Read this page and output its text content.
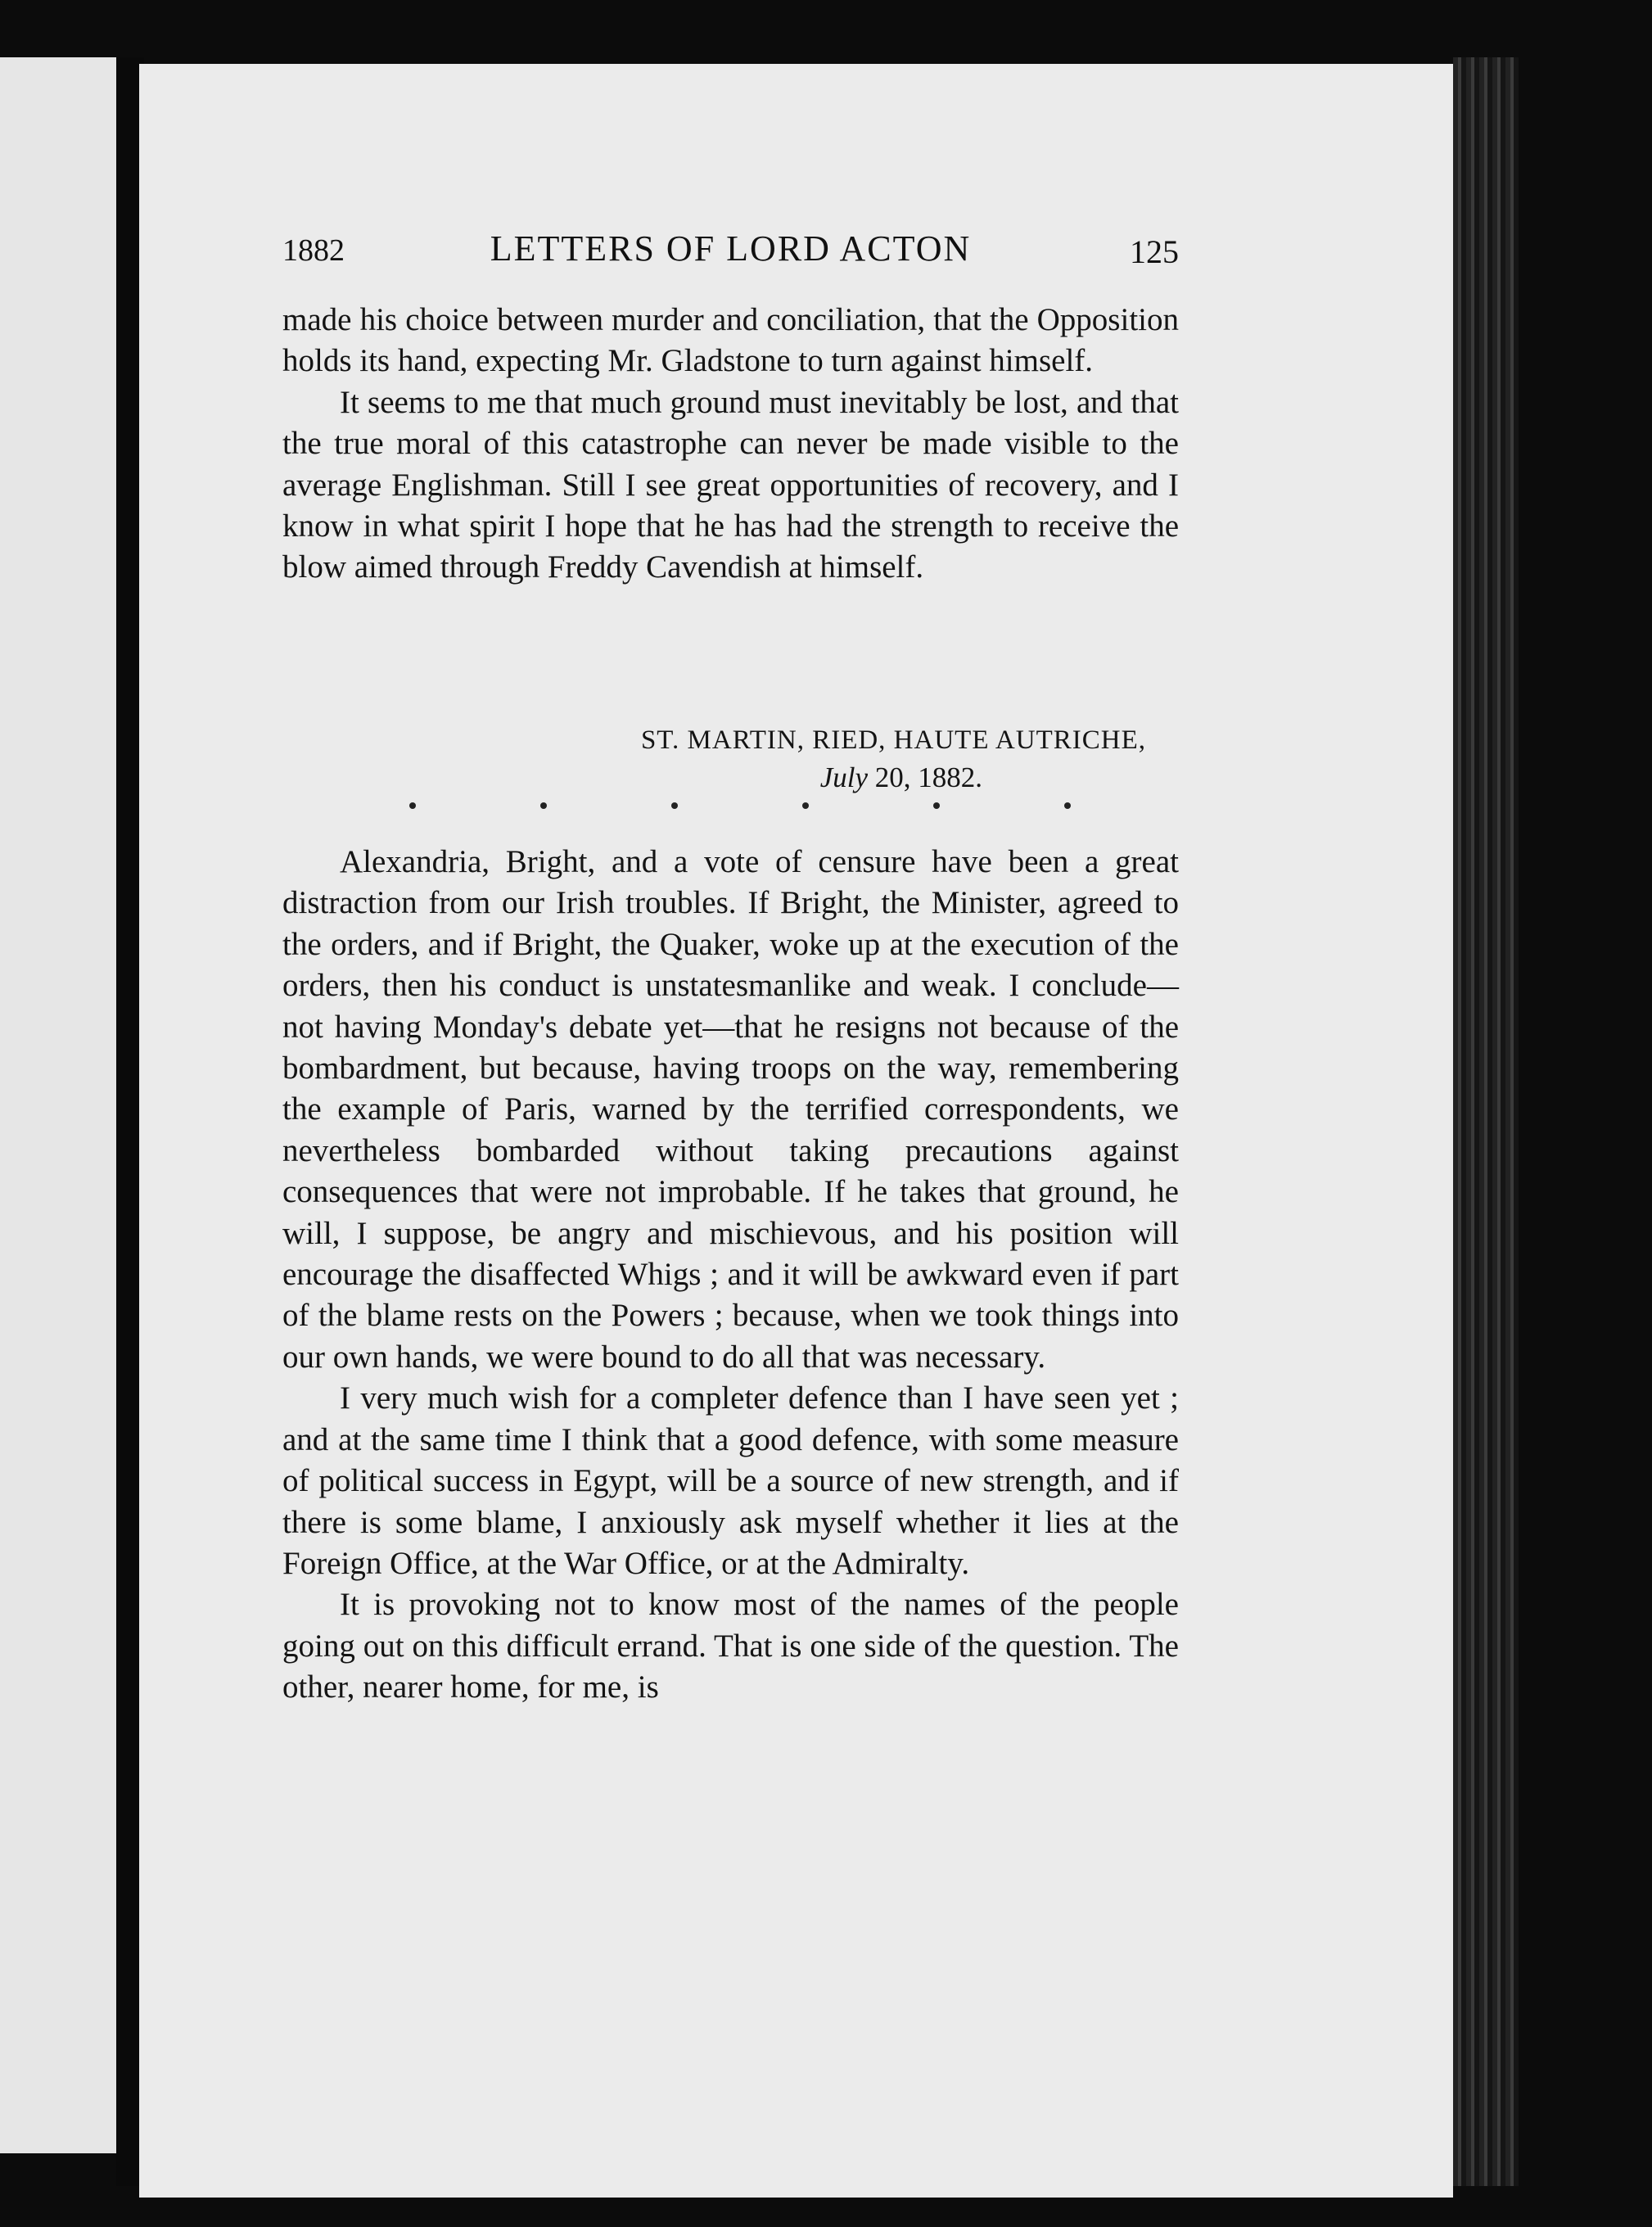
1882	LETTERS OF LORD ACTON	125

made his choice between murder and conciliation, that the Opposition holds its hand, expecting Mr. Gladstone to turn against himself.

It seems to me that much ground must inevitably be lost, and that the true moral of this catastrophe can never be made visible to the average Englishman. Still I see great opportunities of recovery, and I know in what spirit I hope that he has had the strength to receive the blow aimed through Freddy Cavendish at himself.

ST. MARTIN, RIED, HAUTE AUTRICHE,
July 20, 1882.

Alexandria, Bright, and a vote of censure have been a great distraction from our Irish troubles. If Bright, the Minister, agreed to the orders, and if Bright, the Quaker, woke up at the execution of the orders, then his conduct is unstatesmanlike and weak. I conclude—not having Monday's debate yet—that he resigns not because of the bombardment, but because, having troops on the way, remembering the example of Paris, warned by the terrified correspondents, we nevertheless bombarded without taking precautions against consequences that were not improbable. If he takes that ground, he will, I suppose, be angry and mischievous, and his position will encourage the disaffected Whigs ; and it will be awkward even if part of the blame rests on the Powers ; because, when we took things into our own hands, we were bound to do all that was necessary.

I very much wish for a completer defence than I have seen yet ; and at the same time I think that a good defence, with some measure of political success in Egypt, will be a source of new strength, and if there is some blame, I anxiously ask myself whether it lies at the Foreign Office, at the War Office, or at the Admiralty.

It is provoking not to know most of the names of the people going out on this difficult errand. That is one side of the question. The other, nearer home, for me, is
